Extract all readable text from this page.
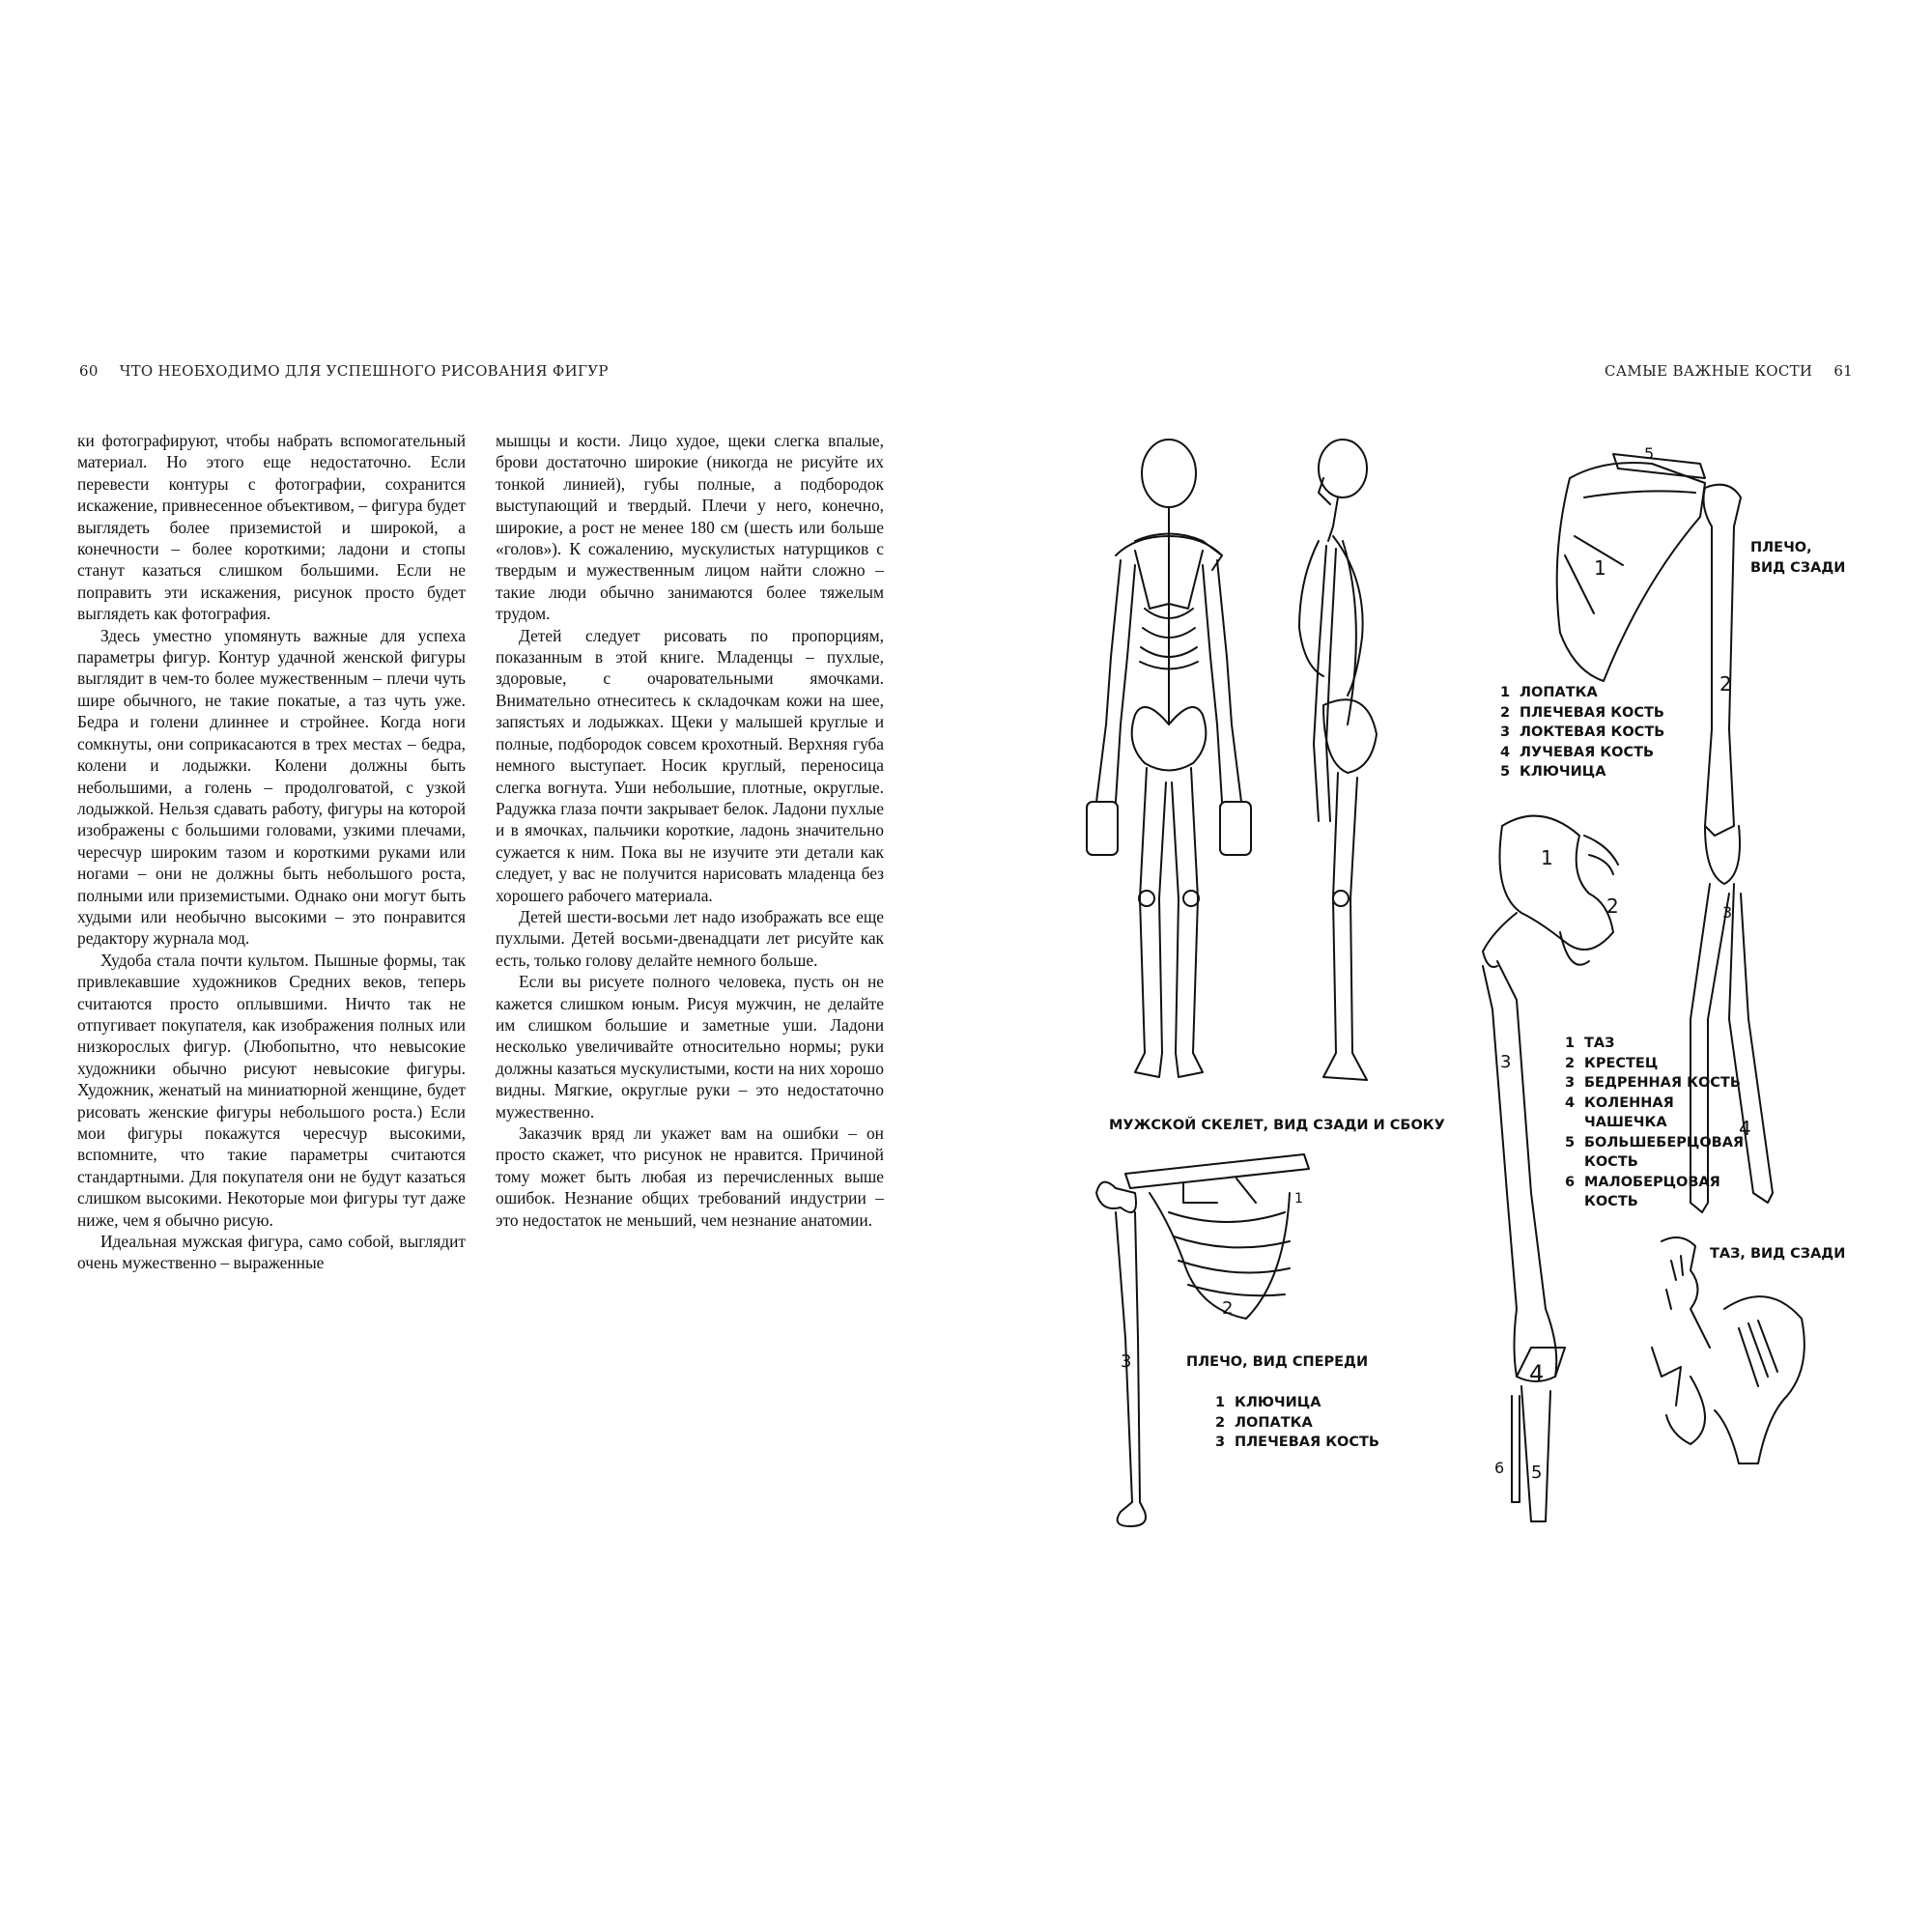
60 ЧТО НЕОБХОДИМО ДЛЯ УСПЕШНОГО РИСОВАНИЯ ФИГУР	САМЫЕ ВАЖНЫЕ КОСТИ 61

ки фотографируют, чтобы набрать вспомогательный материал. Но этого еще недостаточно. Если перевести контуры с фотографии, сохранится искажение, привнесенное объективом, – фигура будет выглядеть более приземистой и широкой, а конечности – более короткими; ладони и стопы станут казаться слишком большими. Если не поправить эти искажения, рисунок просто будет выглядеть как фотография.

Здесь уместно упомянуть важные для успеха параметры фигур. Контур удачной женской фигуры выглядит в чем-то более мужественным – плечи чуть шире обычного, не такие покатые, а таз чуть уже. Бедра и голени длиннее и стройнее. Когда ноги сомкнуты, они соприкасаются в трех местах – бедра, колени и лодыжки. Колени должны быть небольшими, а голень – продолговатой, с узкой лодыжкой. Нельзя сдавать работу, фигуры на которой изображены с большими головами, узкими плечами, чересчур широким тазом и короткими руками или ногами – они не должны быть небольшого роста, полными или приземистыми. Однако они могут быть худыми или необычно высокими – это понравится редактору журнала мод.

Худоба стала почти культом. Пышные формы, так привлекавшие художников Средних веков, теперь считаются просто оплывшими. Ничто так не отпугивает покупателя, как изображения полных или низкорослых фигур. (Любопытно, что невысокие художники обычно рисуют невысокие фигуры. Художник, женатый на миниатюрной женщине, будет рисовать женские фигуры небольшого роста.) Если мои фигуры покажутся чересчур высокими, вспомните, что такие параметры считаются стандартными. Для покупателя они не будут казаться слишком высокими. Некоторые мои фигуры тут даже ниже, чем я обычно рисую.

Идеальная мужская фигура, само собой, выглядит очень мужественно – выраженные

мышцы и кости. Лицо худое, щеки слегка впалые, брови достаточно широкие (никогда не рисуйте их тонкой линией), губы полные, а подбородок выступающий и твердый. Плечи у него, конечно, широкие, а рост не менее 180 см (шесть или больше «голов»). К сожалению, мускулистых натурщиков с твердым и мужественным лицом найти сложно – такие люди обычно занимаются более тяжелым трудом.

Детей следует рисовать по пропорциям, показанным в этой книге. Младенцы – пухлые, здоровые, с очаровательными ямочками. Внимательно отнеситесь к складочкам кожи на шее, запястьях и лодыжках. Щеки у малышей круглые и полные, подбородок совсем крохотный. Верхняя губа немного выступает. Носик круглый, переносица слегка вогнута. Уши небольшие, плотные, округлые. Радужка глаза почти закрывает белок. Ладони пухлые и в ямочках, пальчики короткие, ладонь значительно сужается к ним. Пока вы не изучите эти детали как следует, у вас не получится нарисовать младенца без хорошего рабочего материала.

Детей шести-восьми лет надо изображать все еще пухлыми. Детей восьми-двенадцати лет рисуйте как есть, только голову делайте немного больше.

Если вы рисуете полного человека, пусть он не кажется слишком юным. Рисуя мужчин, не делайте им слишком большие и заметные уши. Ладони несколько увеличивайте относительно нормы; руки должны казаться мускулистыми, кости на них хорошо видны. Мягкие, округлые руки – это недостаточно мужественно.

Заказчик вряд ли укажет вам на ошибки – он просто скажет, что рисунок не нравится. Причиной тому может быть любая из перечисленных выше ошибок. Незнание общих требований индустрии – это недостаток не меньший, чем незнание анатомии.

МУЖСКОЙ СКЕЛЕТ, ВИД СЗАДИ И СБОКУ
1
2
3
4
5
ПЛЕЧО,
ВИД СЗАДИ
1 ЛОПАТКА
2 ПЛЕЧЕВАЯ КОСТЬ
3 ЛОКТЕВАЯ КОСТЬ
4 ЛУЧЕВАЯ КОСТЬ
5 КЛЮЧИЦА
1
2
3
4
5
6
1 ТАЗ
2 КРЕСТЕЦ
3 БЕДРЕННАЯ КОСТЬ
4 КОЛЕННАЯ
ЧАШЕЧКА
5 БОЛЬШЕБЕРЦОВАЯ
КОСТЬ
6 МАЛОБЕРЦОВАЯ
КОСТЬ
ТАЗ, ВИД СЗАДИ
2
3
1
ПЛЕЧО, ВИД СПЕРЕДИ
1 КЛЮЧИЦА
2 ЛОПАТКА
3 ПЛЕЧЕВАЯ КОСТЬ
